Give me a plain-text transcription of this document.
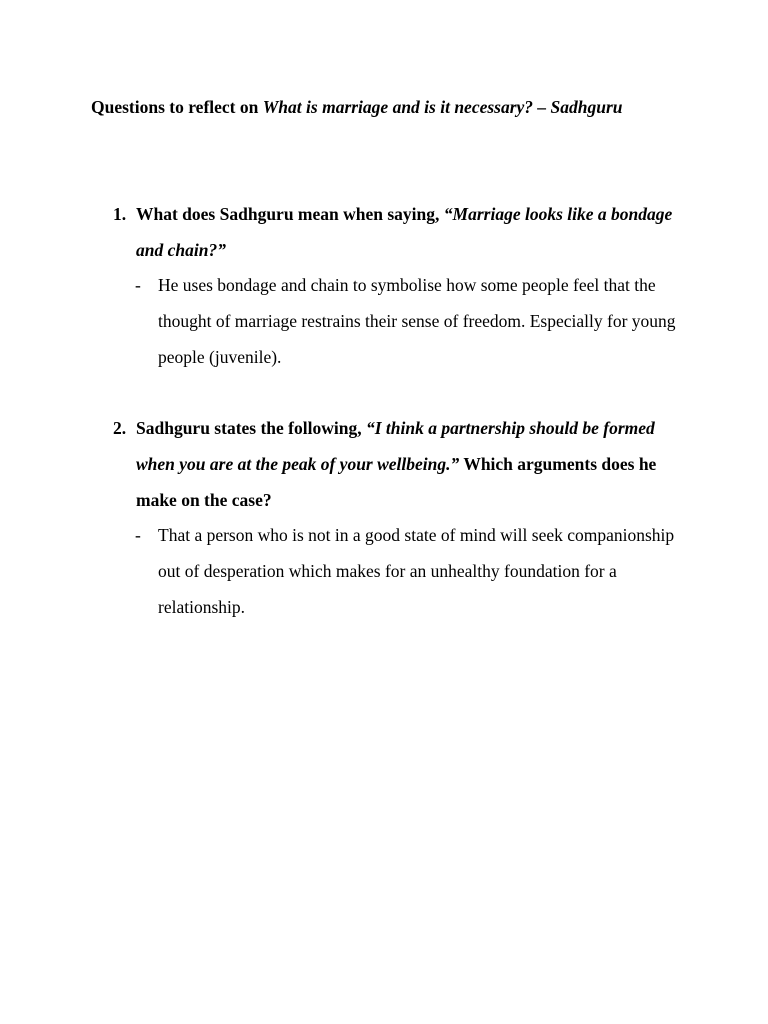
Questions to reflect on What is marriage and is it necessary? – Sadhguru
1. What does Sadhguru mean when saying, “Marriage looks like a bondage and chain?”
- He uses bondage and chain to symbolise how some people feel that the thought of marriage restrains their sense of freedom. Especially for young people (juvenile).
2. Sadhguru states the following, “I think a partnership should be formed when you are at the peak of your wellbeing.” Which arguments does he make on the case?
- That a person who is not in a good state of mind will seek companionship out of desperation which makes for an unhealthy foundation for a relationship.
